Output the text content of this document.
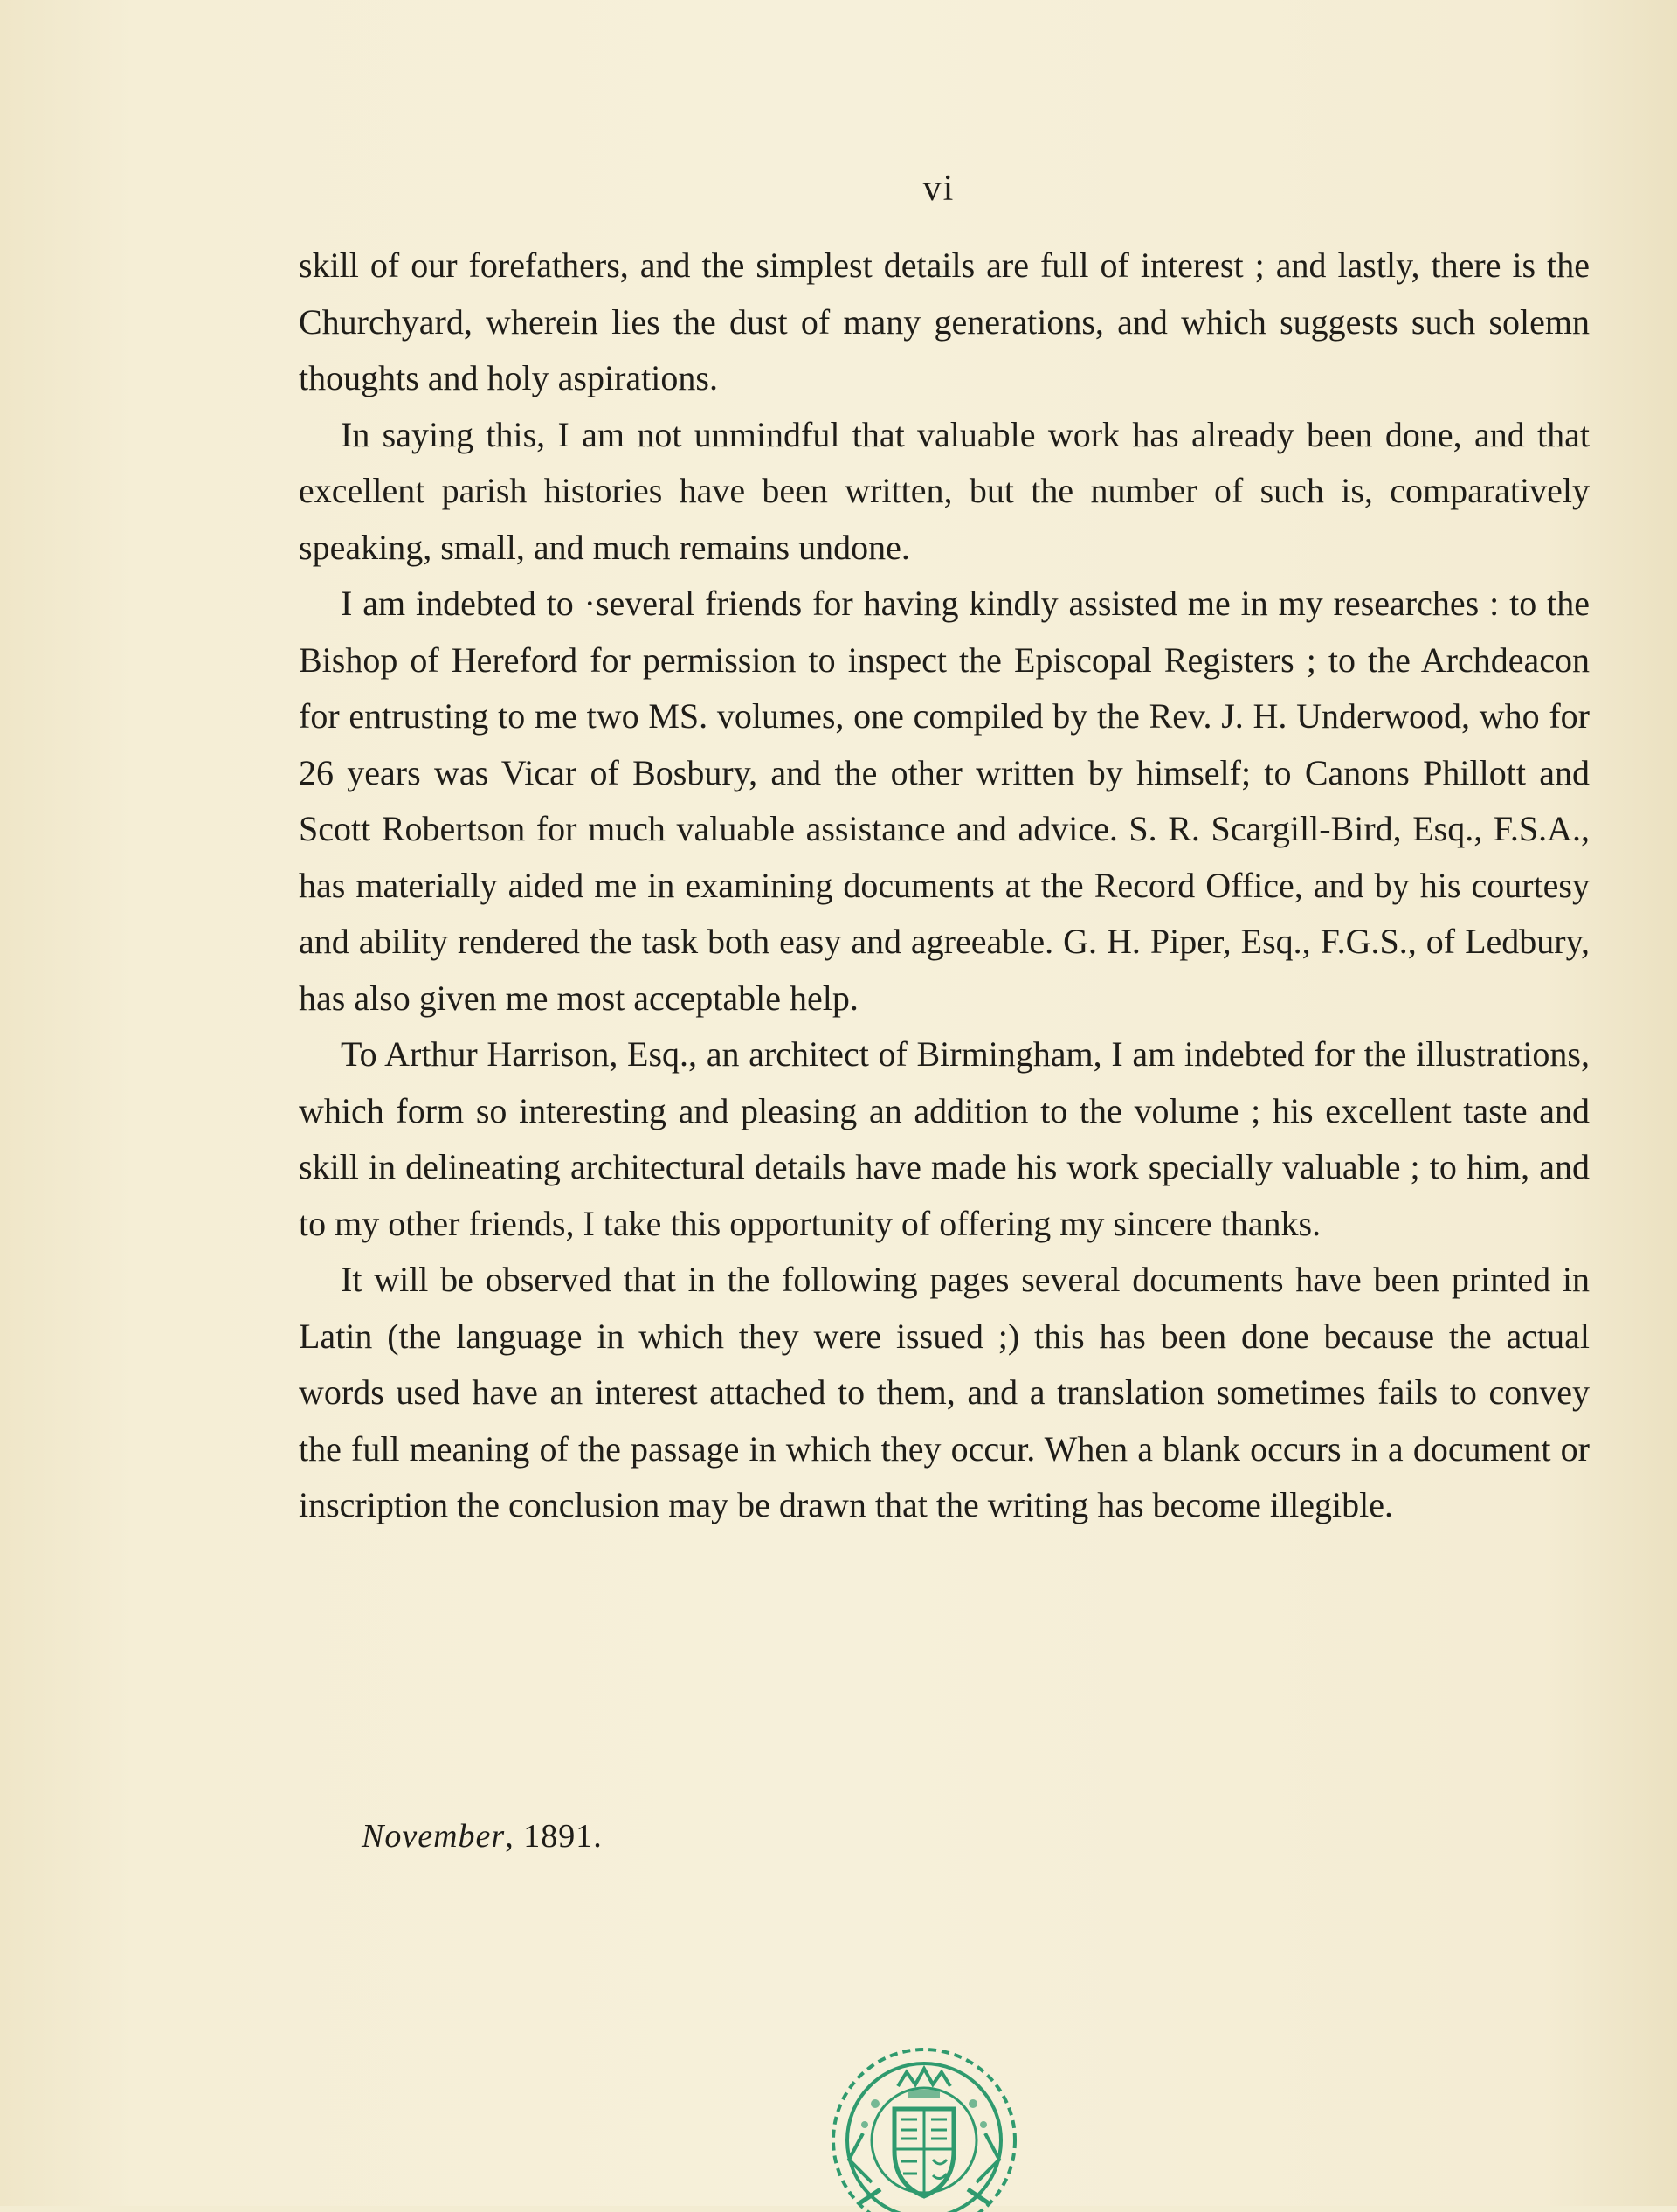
vi

skill of our forefathers, and the simplest details are full of interest ; and lastly, there is the Churchyard, wherein lies the dust of many generations, and which suggests such solemn thoughts and holy aspirations.

In saying this, I am not unmindful that valuable work has already been done, and that excellent parish histories have been written, but the number of such is, comparatively speaking, small, and much remains undone.

I am indebted to ·several friends for having kindly assisted me in my researches : to the Bishop of Hereford for permission to inspect the Episcopal Registers ; to the Archdeacon for entrusting to me two MS. volumes, one compiled by the Rev. J. H. Underwood, who for 26 years was Vicar of Bosbury, and the other written by himself; to Canons Phillott and Scott Robertson for much valuable assistance and advice. S. R. Scargill-Bird, Esq., F.S.A., has materially aided me in examining documents at the Record Office, and by his courtesy and ability rendered the task both easy and agreeable. G. H. Piper, Esq., F.G.S., of Ledbury, has also given me most acceptable help.

To Arthur Harrison, Esq., an architect of Birmingham, I am indebted for the illustrations, which form so interesting and pleasing an addition to the volume ; his excellent taste and skill in delineating architectural details have made his work specially valuable ; to him, and to my other friends, I take this opportunity of offering my sincere thanks.

It will be observed that in the following pages several documents have been printed in Latin (the language in which they were issued ;) this has been done because the actual words used have an interest attached to them, and a translation sometimes fails to convey the full meaning of the passage in which they occur. When a blank occurs in a document or inscription the conclusion may be drawn that the writing has become illegible.

November, 1891.
